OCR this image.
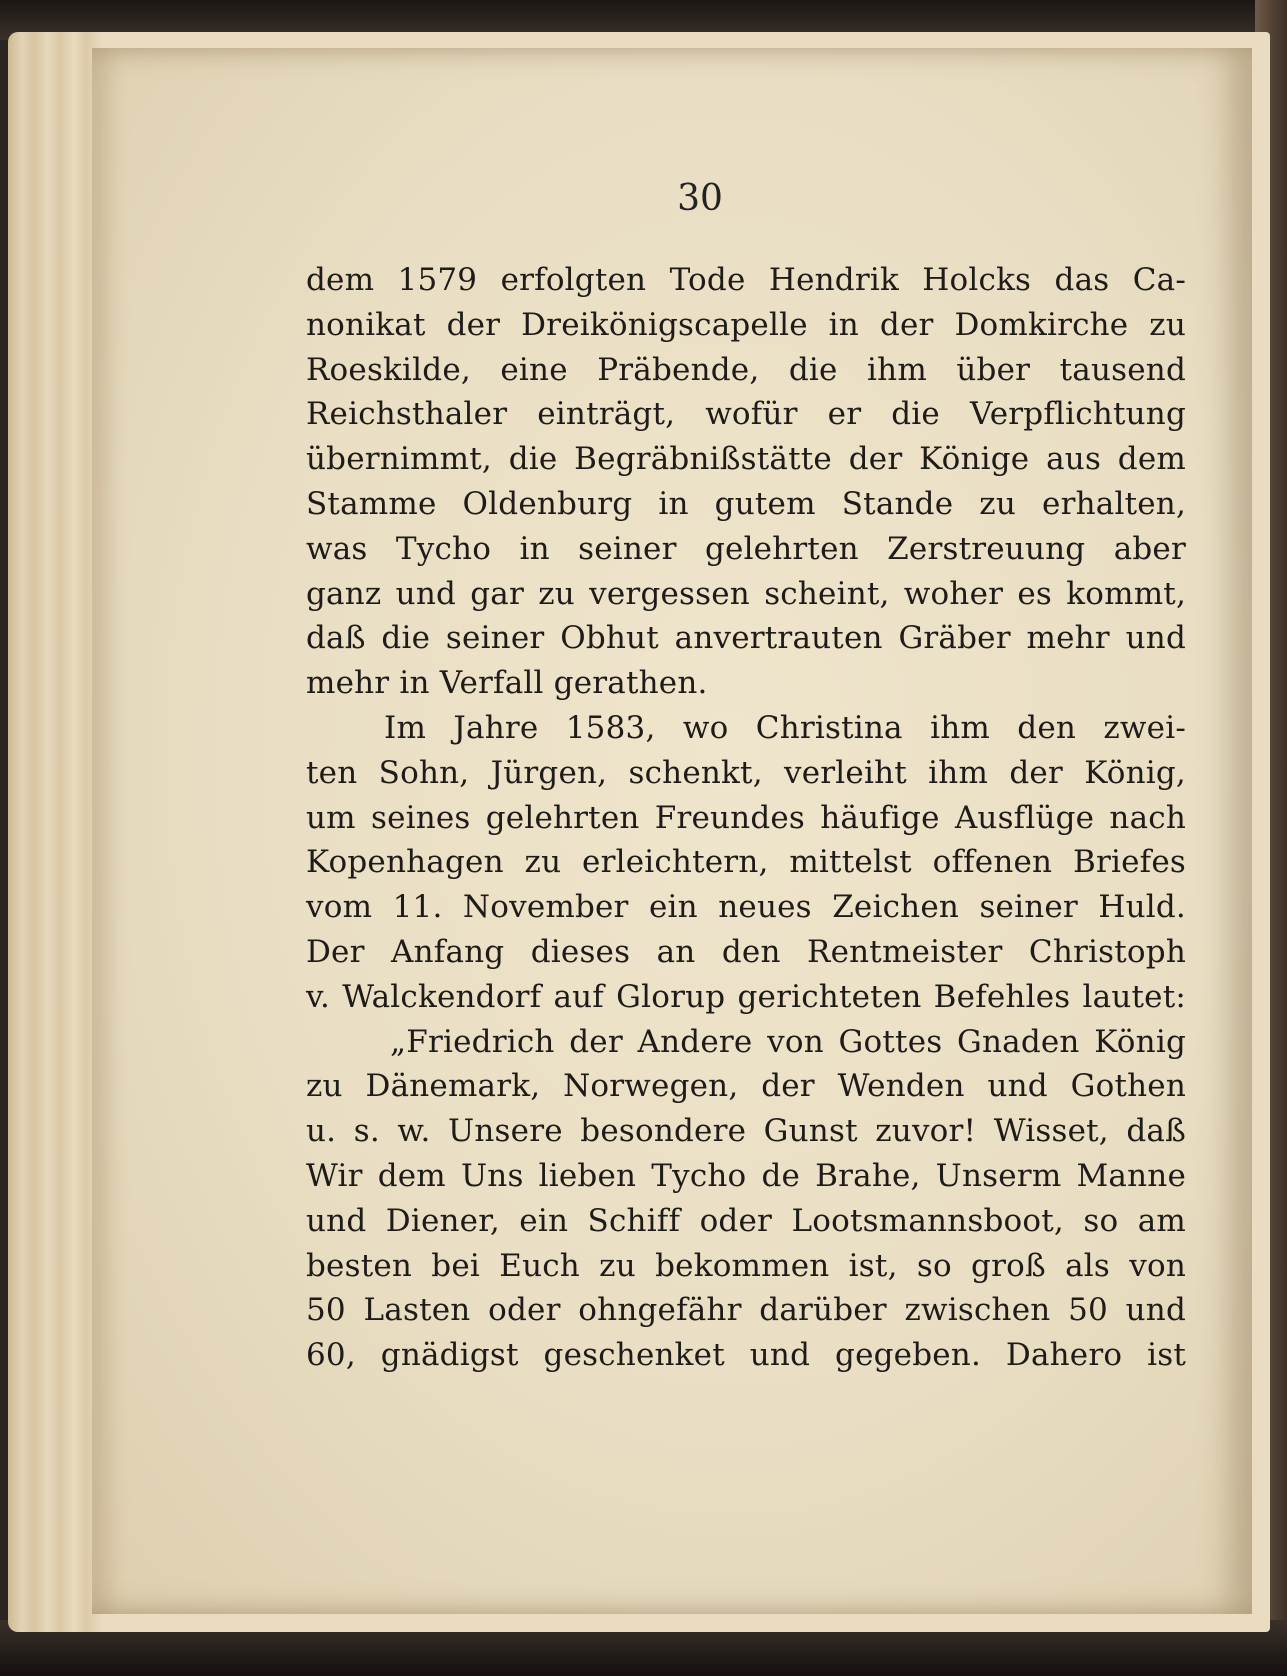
30
dem 1579 erfolgten Tode Hendrik Holcks das Ca-
nonikat der Dreikönigscapelle in der Domkirche zu
Roeskilde, eine Präbende, die ihm über tausend
Reichsthaler einträgt, wofür er die Verpflichtung
übernimmt, die Begräbnißstätte der Könige aus dem
Stamme Oldenburg in gutem Stande zu erhalten,
was Tycho in seiner gelehrten Zerstreuung aber
ganz und gar zu vergessen scheint, woher es kommt,
daß die seiner Obhut anvertrauten Gräber mehr und
mehr in Verfall gerathen.
Im Jahre 1583, wo Christina ihm den zwei-
ten Sohn, Jürgen, schenkt, verleiht ihm der König,
um seines gelehrten Freundes häufige Ausflüge nach
Kopenhagen zu erleichtern, mittelst offenen Briefes
vom 11. November ein neues Zeichen seiner Huld.
Der Anfang dieses an den Rentmeister Christoph
v. Walckendorf auf Glorup gerichteten Befehles lautet:
„Friedrich der Andere von Gottes Gnaden König
zu Dänemark, Norwegen, der Wenden und Gothen
u. s. w. Unsere besondere Gunst zuvor! Wisset, daß
Wir dem Uns lieben Tycho de Brahe, Unserm Manne
und Diener, ein Schiff oder Lootsmannsboot, so am
besten bei Euch zu bekommen ist, so groß als von
50 Lasten oder ohngefähr darüber zwischen 50 und
60, gnädigst geschenket und gegeben. Dahero ist
